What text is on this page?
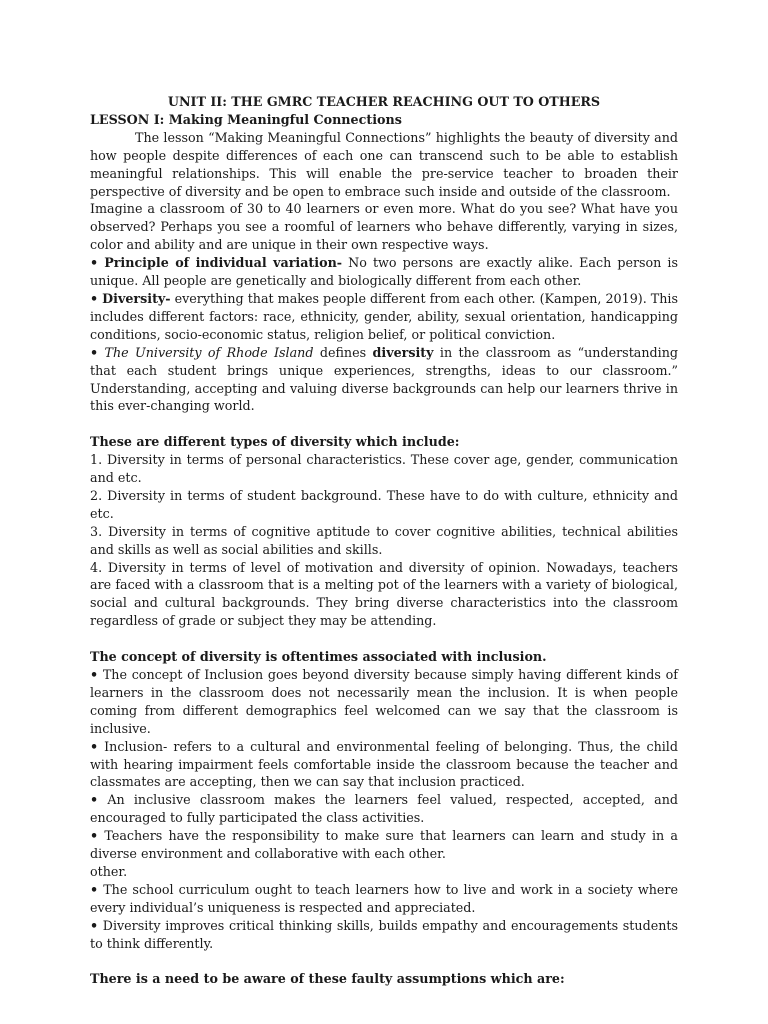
UNIT II: THE GMRC TEACHER REACHING OUT TO OTHERS

LESSON I: Making Meaningful Connections

The lesson “Making Meaningful Connections” highlights the beauty of diversity and how people despite differences of each one can transcend such to be able to establish meaningful relationships. This will enable the pre-service teacher to broaden their perspective of diversity and be open to embrace such inside and outside of the classroom.

Imagine a classroom of 30 to 40 learners or even more. What do you see? What have you observed? Perhaps you see a roomful of learners who behave differently, varying in sizes, color and ability and are unique in their own respective ways.

• Principle of individual variation- No two persons are exactly alike. Each person is unique. All people are genetically and biologically different from each other.

• Diversity- everything that makes people different from each other. (Kampen, 2019). This includes different factors: race, ethnicity, gender, ability, sexual orientation, handicapping conditions, socio-economic status, religion belief, or political conviction.

• The University of Rhode Island defines diversity in the classroom as “understanding that each student brings unique experiences, strengths, ideas to our classroom.” Understanding, accepting and valuing diverse backgrounds can help our learners thrive in this ever-changing world.

These are different types of diversity which include:

1. Diversity in terms of personal characteristics. These cover age, gender, communication and etc.

2. Diversity in terms of student background. These have to do with culture, ethnicity and etc.

3. Diversity in terms of cognitive aptitude to cover cognitive abilities, technical abilities and skills as well as social abilities and skills.

4. Diversity in terms of level of motivation and diversity of opinion. Nowadays, teachers are faced with a classroom that is a melting pot of the learners with a variety of biological, social and cultural backgrounds. They bring diverse characteristics into the classroom regardless of grade or subject they may be attending.

The concept of diversity is oftentimes associated with inclusion.

• The concept of Inclusion goes beyond diversity because simply having different kinds of learners in the classroom does not necessarily mean the inclusion. It is when people coming from different demographics feel welcomed can we say that the classroom is inclusive.

• Inclusion- refers to a cultural and environmental feeling of belonging. Thus, the child with hearing impairment feels comfortable inside the classroom because the teacher and classmates are accepting, then we can say that inclusion practiced.

• An inclusive classroom makes the learners feel valued, respected, accepted, and encouraged to fully participated the class activities.

• Teachers have the responsibility to make sure that learners can learn and study in a diverse environment and collaborative with each other.

other.

• The school curriculum ought to teach learners how to live and work in a society where every individual’s uniqueness is respected and appreciated.

• Diversity improves critical thinking skills, builds empathy and encouragements students to think differently.

There is a need to be aware of these faulty assumptions which are:
